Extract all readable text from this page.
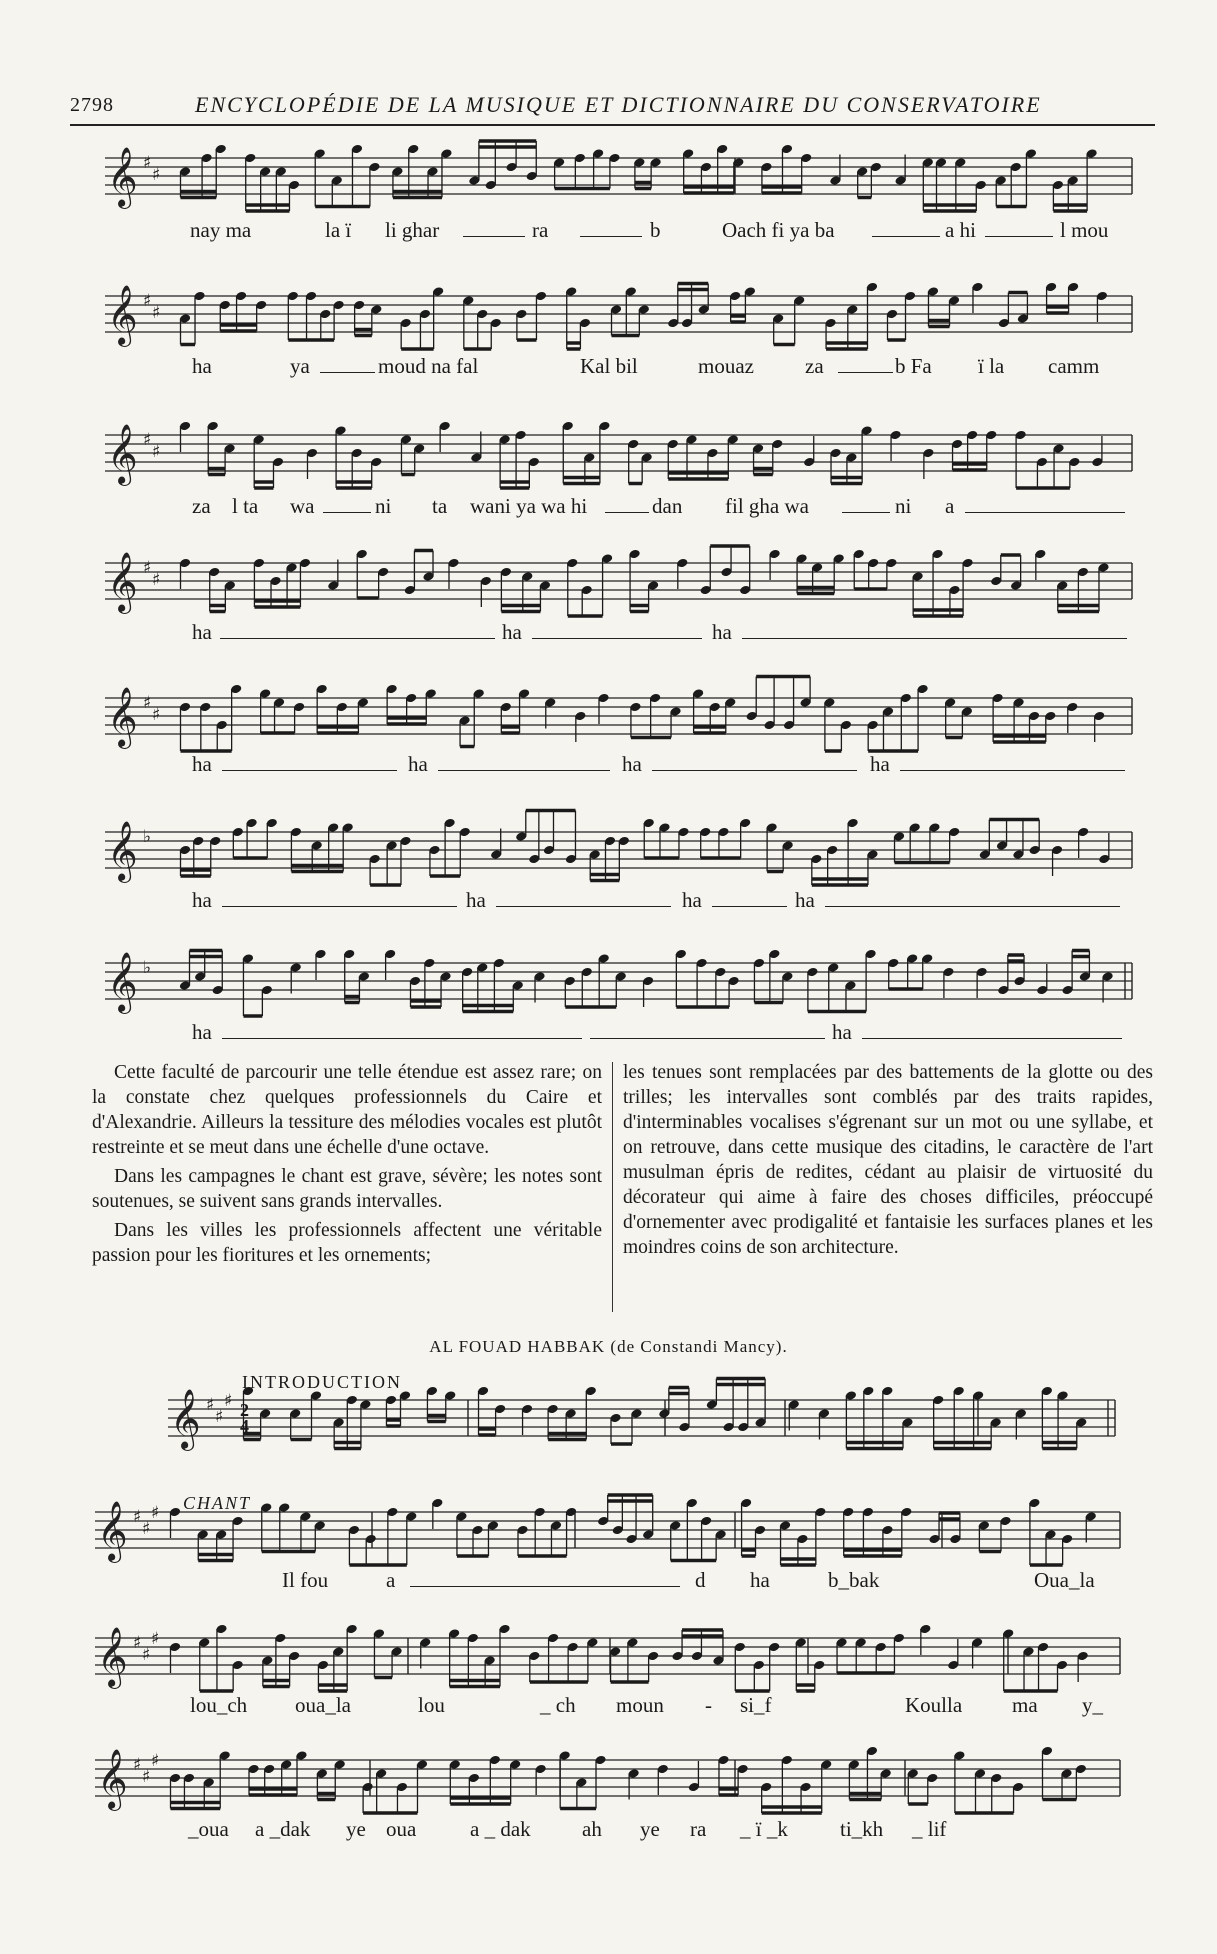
2798	ENCYCLOPÉDIE DE LA MUSIQUE ET DICTIONNAIRE DU CONSERVATOIRE
𝄞 ♯
♯
𝄞 ♯
♯
𝄞 ♯
♯
𝄞 ♯
♯
𝄞 ♯
♯
𝄞 ♭
𝄞 ♭
𝄞 ♯
♯
♯
𝄞 ♯
♯
♯
𝄞 ♯
♯
♯
𝄞 ♯
♯
♯
nay ma	la ï li ghar	ra	b	Oach fi ya ba	a hi	l mou
ha	ya	moud na fal	Kal bil	mouaz za	b Fa ï la camm
za l ta wa	ni ta wani ya wa hi	dan fil gha wa	ni a
ha	ha	ha
ha	ha	ha	ha
ha	ha	ha	ha
ha	ha

Cette faculté de parcourir une telle étendue est assez rare; on la constate chez quelques professionnels du Caire et d'Alexandrie. Ailleurs la tessiture des mélodies vocales est plutôt restreinte et se meut dans une échelle d'une octave.

Dans les campagnes le chant est grave, sévère; les notes sont soutenues, se suivent sans grands intervalles.

Dans les villes les professionnels affectent une véritable passion pour les fioritures et les ornements;

les tenues sont remplacées par des battements de la glotte ou des trilles; les intervalles sont comblés par des traits rapides, d'interminables vocalises s'égrenant sur un mot ou une syllabe, et on retrouve, dans cette musique des citadins, le caractère de l'art musulman épris de redites, cédant au plaisir de virtuosité du décorateur qui aime à faire des choses difficiles, préoccupé d'ornementer avec prodigalité et fantaisie les surfaces planes et les moindres coins de son architecture.

AL FOUAD HABBAK (de Constandi Mancy).
INTRODUCTION
CHANT
2
4
Il fou	a	d ha	b_bak	Oua_la
lou_ch oua_la	lou	_ ch moun - si_f	Koulla ma y_
_oua a _dak ye oua	a _ dak ah ye ra _ ï _k ti_kh _ lif
